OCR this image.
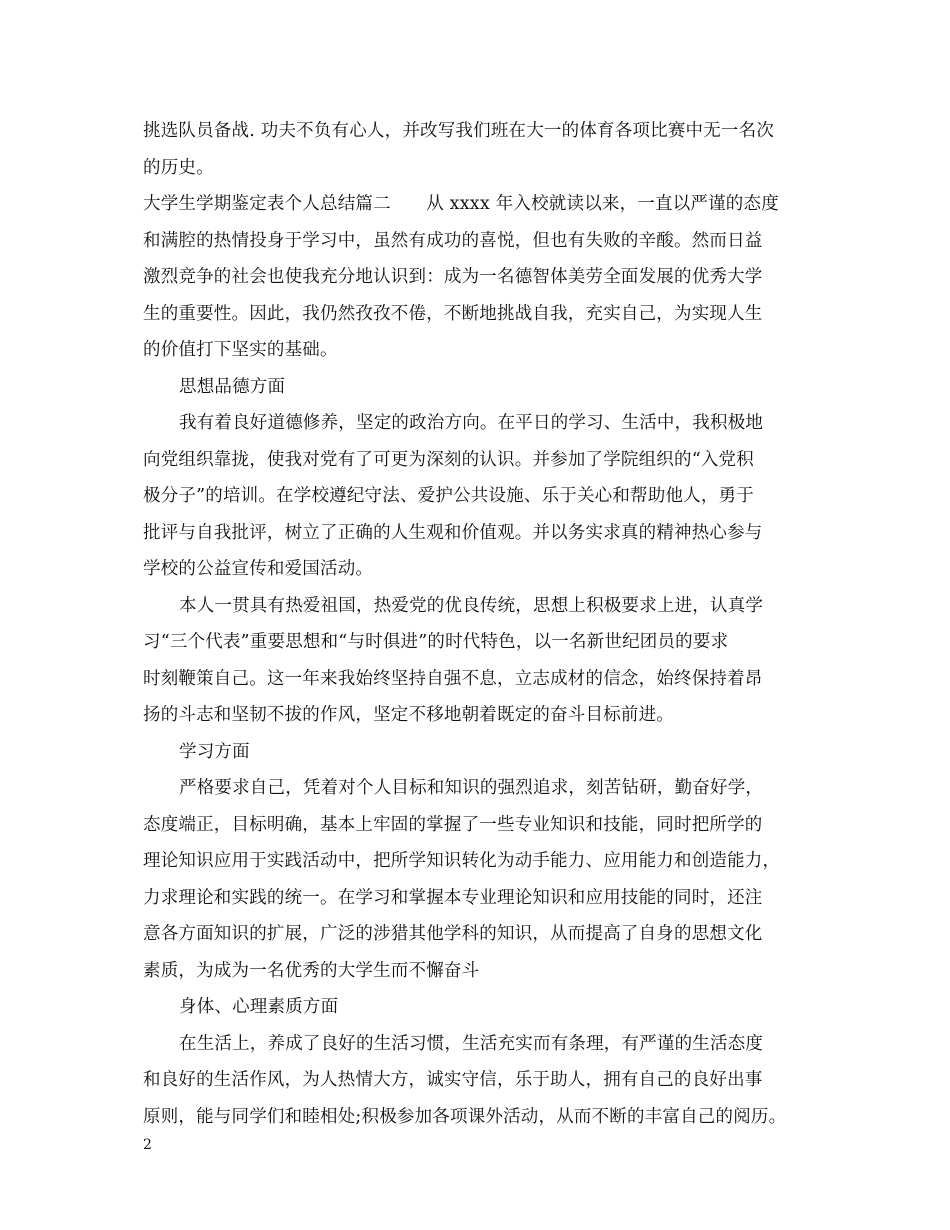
挑选队员备战. 功夫不负有心人，并改写我们班在大一的体育各项比赛中无一名次

的历史。

大学生学期鉴定表个人总结篇二　　从 xxxx 年入校就读以来，一直以严谨的态度

和满腔的热情投身于学习中，虽然有成功的喜悦，但也有失败的辛酸。然而日益

激烈竞争的社会也使我充分地认识到：成为一名德智体美劳全面发展的优秀大学

生的重要性。因此，我仍然孜孜不倦，不断地挑战自我，充实自己，为实现人生

的价值打下坚实的基础。

思想品德方面

我有着良好道德修养，坚定的政治方向。在平日的学习、生活中，我积极地

向党组织靠拢，使我对党有了可更为深刻的认识。并参加了学院组织的“入党积

极分子”的培训。在学校遵纪守法、爱护公共设施、乐于关心和帮助他人，勇于

批评与自我批评，树立了正确的人生观和价值观。并以务实求真的精神热心参与

学校的公益宣传和爱国活动。

本人一贯具有热爱祖国，热爱党的优良传统，思想上积极要求上进，认真学

习“三个代表”重要思想和“与时俱进”的时代特色，以一名新世纪团员的要求

时刻鞭策自己。这一年来我始终坚持自强不息，立志成材的信念，始终保持着昂

扬的斗志和坚韧不拔的作风，坚定不移地朝着既定的奋斗目标前进。

学习方面

严格要求自己，凭着对个人目标和知识的强烈追求，刻苦钻研，勤奋好学，

态度端正，目标明确，基本上牢固的掌握了一些专业知识和技能，同时把所学的

理论知识应用于实践活动中，把所学知识转化为动手能力、应用能力和创造能力，

力求理论和实践的统一。在学习和掌握本专业理论知识和应用技能的同时，还注

意各方面知识的扩展，广泛的涉猎其他学科的知识，从而提高了自身的思想文化

素质，为成为一名优秀的大学生而不懈奋斗

身体、心理素质方面

在生活上，养成了良好的生活习惯，生活充实而有条理，有严谨的生活态度

和良好的生活作风，为人热情大方，诚实守信，乐于助人，拥有自己的良好出事

原则，能与同学们和睦相处;积极参加各项课外活动，从而不断的丰富自己的阅历。

2
